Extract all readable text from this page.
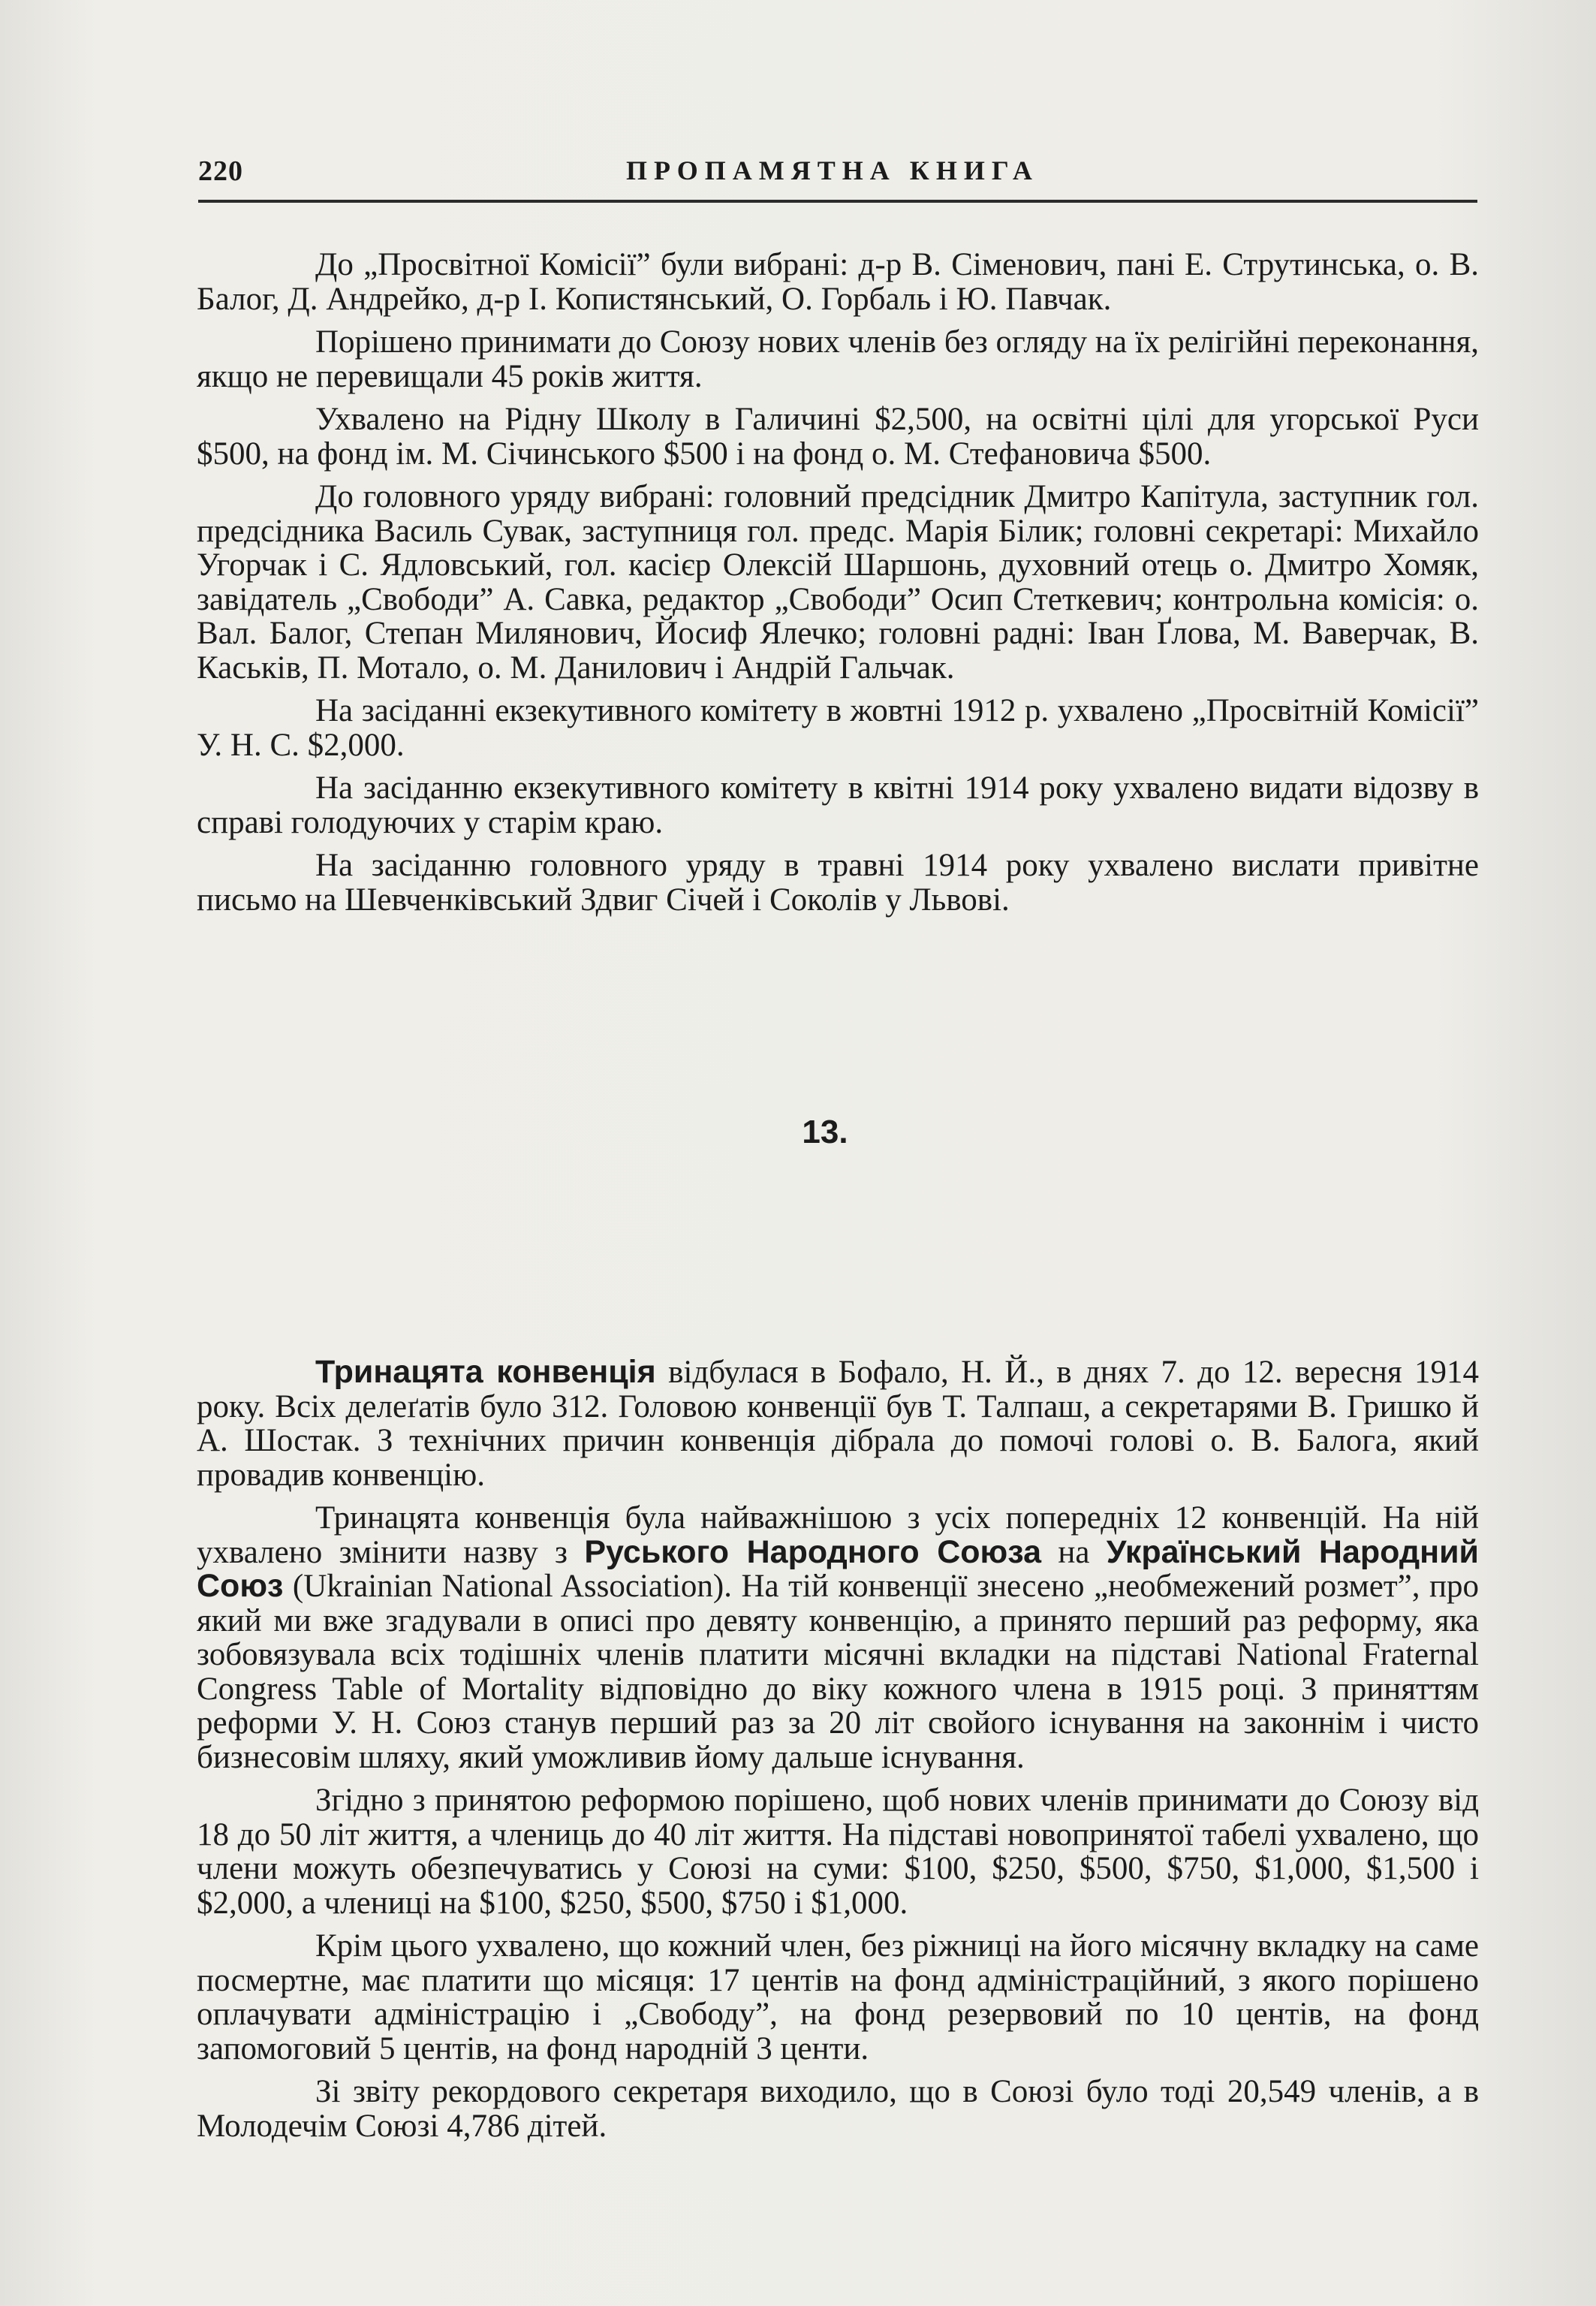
220	ПРОПАМЯТНА КНИГА

До „Просвітної Комісії” були вибрані: д-р В. Сіменович, пані Е. Струтинська, о. В. Балог, Д. Андрейко, д-р І. Копистянський, О. Горбаль і Ю. Павчак.

Порішено принимати до Союзу нових членів без огляду на їх релігійні переконання, якщо не перевищали 45 років життя.

Ухвалено на Рідну Школу в Галичині $2,500, на освітні цілі для угорської Руси $500, на фонд ім. М. Січинського $500 і на фонд о. М. Стефановича $500.

До головного уряду вибрані: головний предсідник Дмитро Капітула, заступник гол. предсідника Василь Сувак, заступниця гол. предс. Марія Білик; головні секретарі: Михайло Угорчак і С. Ядловський, гол. касієр Олексій Шаршонь, духовний отець о. Дмитро Хомяк, завідатель „Свободи” А. Савка, редактор „Свободи” Осип Стеткевич; контрольна комісія: о. Вал. Балог, Степан Милянович, Йосиф Ялечко; головні радні: Іван Ґлова, М. Ваверчак, В. Каськів, П. Мотало, о. М. Данилович і Андрій Гальчак.

На засіданні екзекутивного комітету в жовтні 1912 р. ухвалено „Просвітній Комісії” У. Н. С. $2,000.

На засіданню екзекутивного комітету в квітні 1914 року ухвалено видати відозву в справі голодуючих у старім краю.

На засіданню головного уряду в травні 1914 року ухвалено вислати привітне письмо на Шевченківський Здвиг Січей і Соколів у Львові.

13.

Тринацята конвенція відбулася в Бофало, Н. Й., в днях 7. до 12. вересня 1914 року. Всіх делеґатів було 312. Головою конвенції був Т. Талпаш, а секретарями В. Гришко й А. Шостак. З технічних причин конвенція дібрала до помочі голові о. В. Балога, який провадив конвенцію.

Тринацята конвенція була найважнішою з усіх попередніх 12 конвенцій. На ній ухвалено змінити назву з Руського Народного Союза на Український Народний Союз (Ukrainian National Association). На тій конвенції знесено „необмежений розмет”, про який ми вже згадували в описі про девяту конвенцію, а принято перший раз реформу, яка зобовязувала всіх тодішніх членів платити місячні вкладки на підставі National Fraternal Congress Table of Mortality відповідно до віку кожного члена в 1915 році. З приняттям реформи У. Н. Союз станув перший раз за 20 літ свойого існування на законнім і чисто бизнесовім шляху, який уможливив йому дальше існування.

Згідно з принятою реформою порішено, щоб нових членів принимати до Союзу від 18 до 50 літ життя, а члениць до 40 літ життя. На підставі новопринятої табелі ухвалено, що члени можуть обезпечуватись у Союзі на суми: $100, $250, $500, $750, $1,000, $1,500 і $2,000, а члениці на $100, $250, $500, $750 і $1,000.

Крім цього ухвалено, що кожний член, без ріжниці на його місячну вкладку на саме посмертне, має платити що місяця: 17 центів на фонд адміністраційний, з якого порішено оплачувати адміністрацію і „Свободу”, на фонд резервовий по 10 центів, на фонд запомоговий 5 центів, на фонд народній 3 центи.

Зі звіту рекордового секретаря виходило, що в Союзі було тоді 20,549 членів, а в Молодечім Союзі 4,786 дітей.
